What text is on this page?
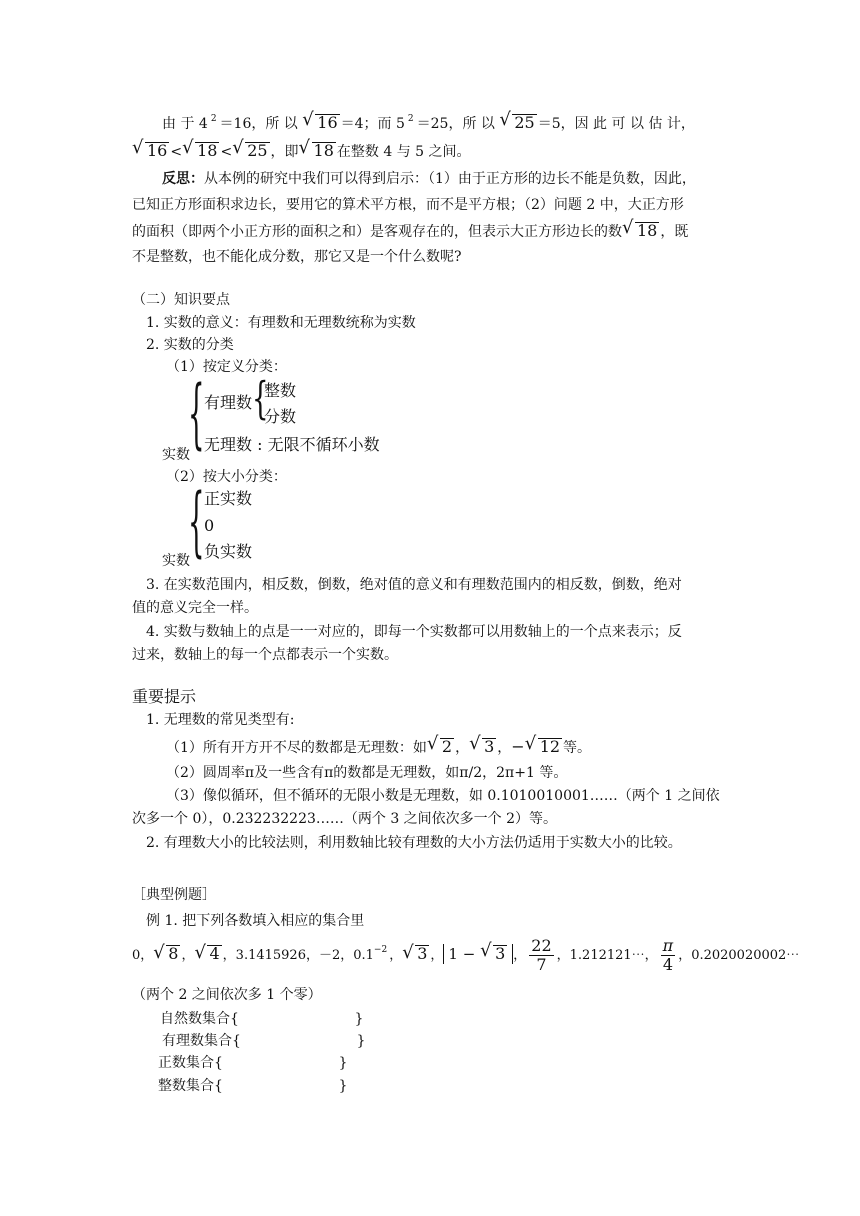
由 于 4 $^2$ ＝16，所 以 √ 16 ＝4；而 5 $^2$ ＝25，所 以 √ 25 ＝5，因 此 可 以 估 计，
√ 16 < √ 18 < √ 25 ，即 √ 18 在整数 4 与 5 之间。
反思：从本例的研究中我们可以得到启示：（1）由于正方形的边长不能是负数，因此，
已知正方形面积求边长，要用它的算术平方根，而不是平方根；（2）问题 2 中，大正方形
的面积（即两个小正方形的面积之和）是客观存在的，但表示大正方形边长的数 √ 18 ，既
不是整数，也不能化成分数，那它又是一个什么数呢?
（二）知识要点
1. 实数的意义：有理数和无理数统称为实数
2. 实数的分类
（1）按定义分类：
{ 有理数 {
整数
分数
无理数 : 无限不循环小数
实数
（2）按大小分类：
{ 正实数
0
负实数
实数
3. 在实数范围内，相反数，倒数，绝对值的意义和有理数范围内的相反数，倒数，绝对
值的意义完全一样。
4. 实数与数轴上的点是一一对应的，即每一个实数都可以用数轴上的一个点来表示；反
过来，数轴上的每一个点都表示一个实数。
重要提示
1. 无理数的常见类型有:
（1）所有开方开不尽的数都是无理数：如 √ 2 ， √ 3 ，− √ 12 等。
（2）圆周率π及一些含有π的数都是无理数，如π/2，2π+1 等。
（3）像似循环，但不循环的无限小数是无理数，如 0.1010010001……（两个 1 之间依
次多一个 0），0.232232223……（两个 3 之间依次多一个 2）等。
2. 有理数大小的比较法则，利用数轴比较有理数的大小方法仍适用于实数大小的比较。
［典型例题］
例 1. 把下列各数填入相应的集合里
0， √ 8 ， √ 4 ，3.1415926，－2，$0.1^{-2}$ ， √ 3 ， 1 − √ 3 ， $\frac{22}{7}$ ，1.212121⋯， $\frac{\pi}{4}$ ，0.2020020002⋯
（两个 2 之间依次多 1 个零）
自然数集合{                          }
有理数集合{                          }
正数集合{                          }
整数集合{                          }
